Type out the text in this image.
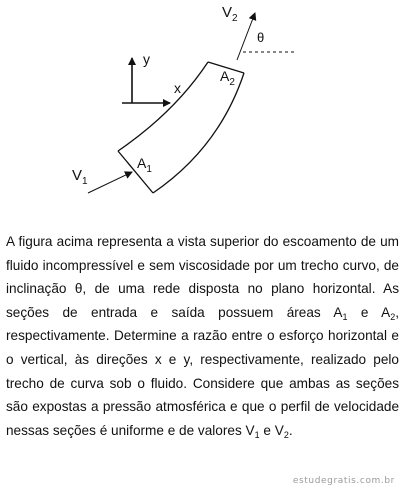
$V_2$
θ
$A_2$
y
x
$V_1$
$A_1$
A figura acima representa a vista superior do escoamento de um fluido incompressível e sem viscosidade por um trecho curvo, de inclinação θ, de uma rede disposta no plano horizontal. As seções de entrada e saída possuem áreas $A_1$ e $A_2$, respectivamente. Determine a razão entre o esforço horizontal e o vertical, às direções x e y, respectivamente, realizado pelo trecho de curva sob o fluido. Considere que ambas as seções são expostas a pressão atmosférica e que o perfil de velocidade nessas seções é uniforme e de valores $V_1$ e $V_2$.
estudegratis.com.br
